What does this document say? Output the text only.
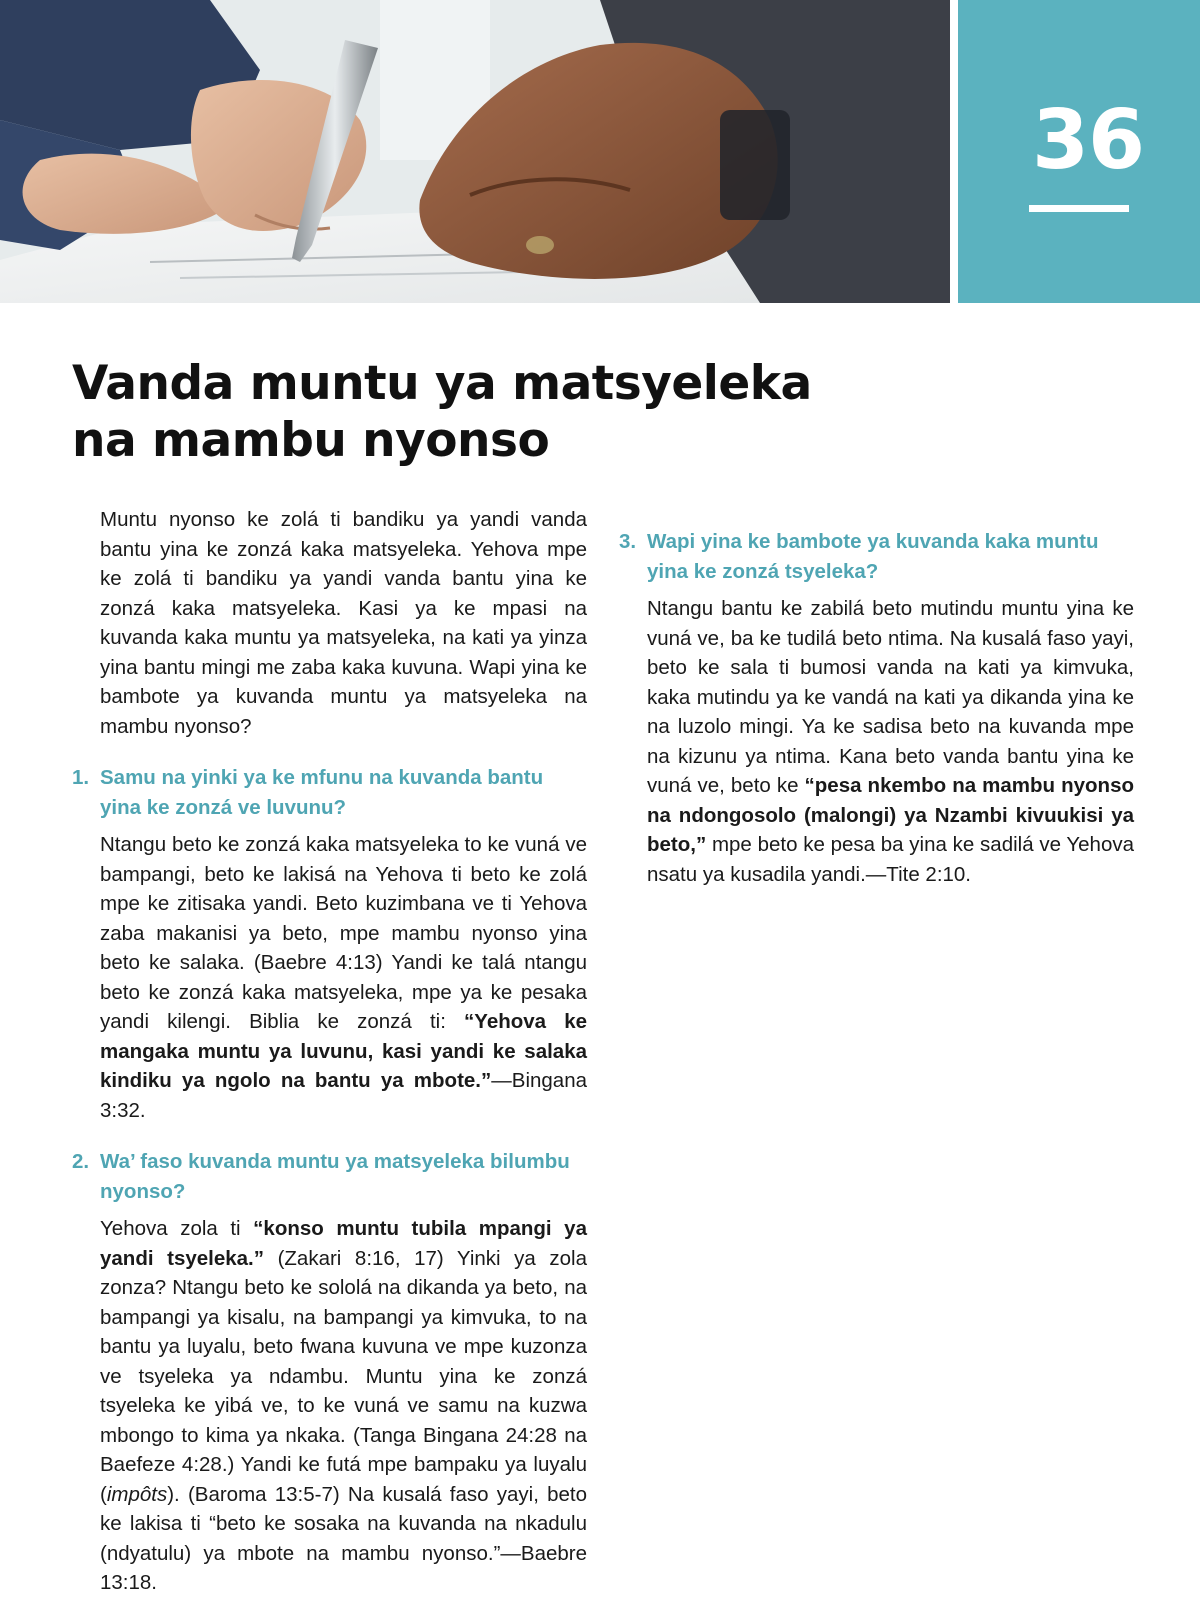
36
Vanda muntu ya matsyeleka
na mambu nyonso

Muntu nyonso ke zolá ti bandiku ya yandi vanda bantu yina ke zonzá kaka matsyeleka. Yehova mpe ke zolá ti bandiku ya yandi vanda bantu yina ke zonzá kaka matsyeleka. Kasi ya ke mpasi na kuvanda kaka muntu ya matsyeleka, na kati ya yinza yina bantu mingi me zaba kaka kuvuna. Wapi yina ke bambote ya kuvanda muntu ya matsyeleka na mambu nyonso?

1. Samu na yinki ya ke mfunu na kuvanda bantu yina ke zonzá ve luvunu?

Ntangu beto ke zonzá kaka matsyeleka to ke vuná ve bampangi, beto ke lakisá na Yehova ti beto ke zolá mpe ke zitisaka yandi. Beto kuzimbana ve ti Yehova zaba makanisi ya beto, mpe mambu nyonso yina beto ke salaka. (Baebre 4:13) Yandi ke talá ntangu beto ke zonzá kaka matsyeleka, mpe ya ke pesaka yandi kilengi. Biblia ke zonzá ti: “Yehova ke mangaka muntu ya luvunu, kasi yandi ke salaka kindiku ya ngolo na bantu ya mbote.”—Bingana 3:32.

2. Wa’ faso kuvanda muntu ya matsyeleka bilumbu nyonso?

Yehova zola ti “konso muntu tubila mpangi ya yandi tsyeleka.” (Zakari 8:16, 17) Yinki ya zola zonza? Ntangu beto ke sololá na dikanda ya beto, na bampangi ya kisalu, na bampangi ya kimvuka, to na bantu ya luyalu, beto fwana kuvuna ve mpe kuzonza ve tsyeleka ya ndambu. Muntu yina ke zonzá tsyeleka ke yibá ve, to ke vuná ve samu na kuzwa mbongo to kima ya nkaka. (Tanga Bingana 24:28 na Baefeze 4:28.) Yandi ke futá mpe bampaku ya luyalu (impôts). (Baroma 13:5-7) Na kusalá faso yayi, beto ke lakisa ti “beto ke sosaka na kuvanda na nkadulu (ndyatulu) ya mbote na mambu nyonso.”—Baebre 13:18.

3. Wapi yina ke bambote ya kuvanda kaka muntu yina ke zonzá tsyeleka?

Ntangu bantu ke zabilá beto mutindu muntu yina ke vuná ve, ba ke tudilá beto ntima. Na kusalá faso yayi, beto ke sala ti bumosi vanda na kati ya kimvuka, kaka mutindu ya ke vandá na kati ya dikanda yina ke na luzolo mingi. Ya ke sadisa beto na kuvanda mpe na kizunu ya ntima. Kana beto vanda bantu yina ke vuná ve, beto ke “pesa nkembo na mambu nyonso na ndongosolo (malongi) ya Nzambi kivuukisi ya beto,” mpe beto ke pesa ba yina ke sadilá ve Yehova nsatu ya kusadila yandi.—Tite 2:10.
